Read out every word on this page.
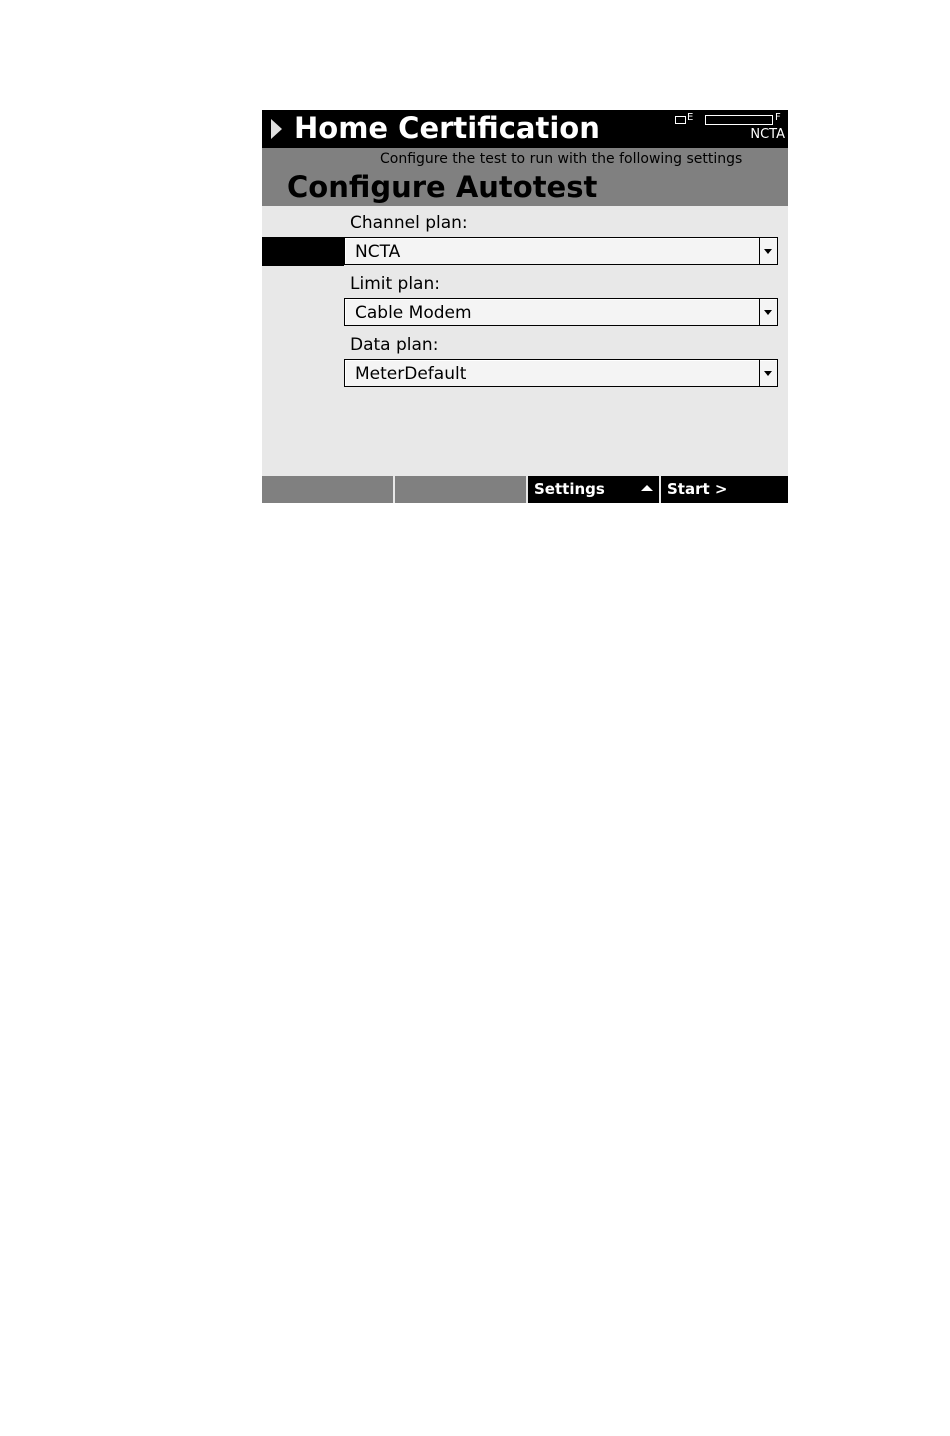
Home Certification	E	F
NCTA
Configure the test to run with the following settings
Configure Autotest
Channel plan:
NCTA
Limit plan:
Cable Modem
Data plan:
MeterDefault
Settings	Start >
